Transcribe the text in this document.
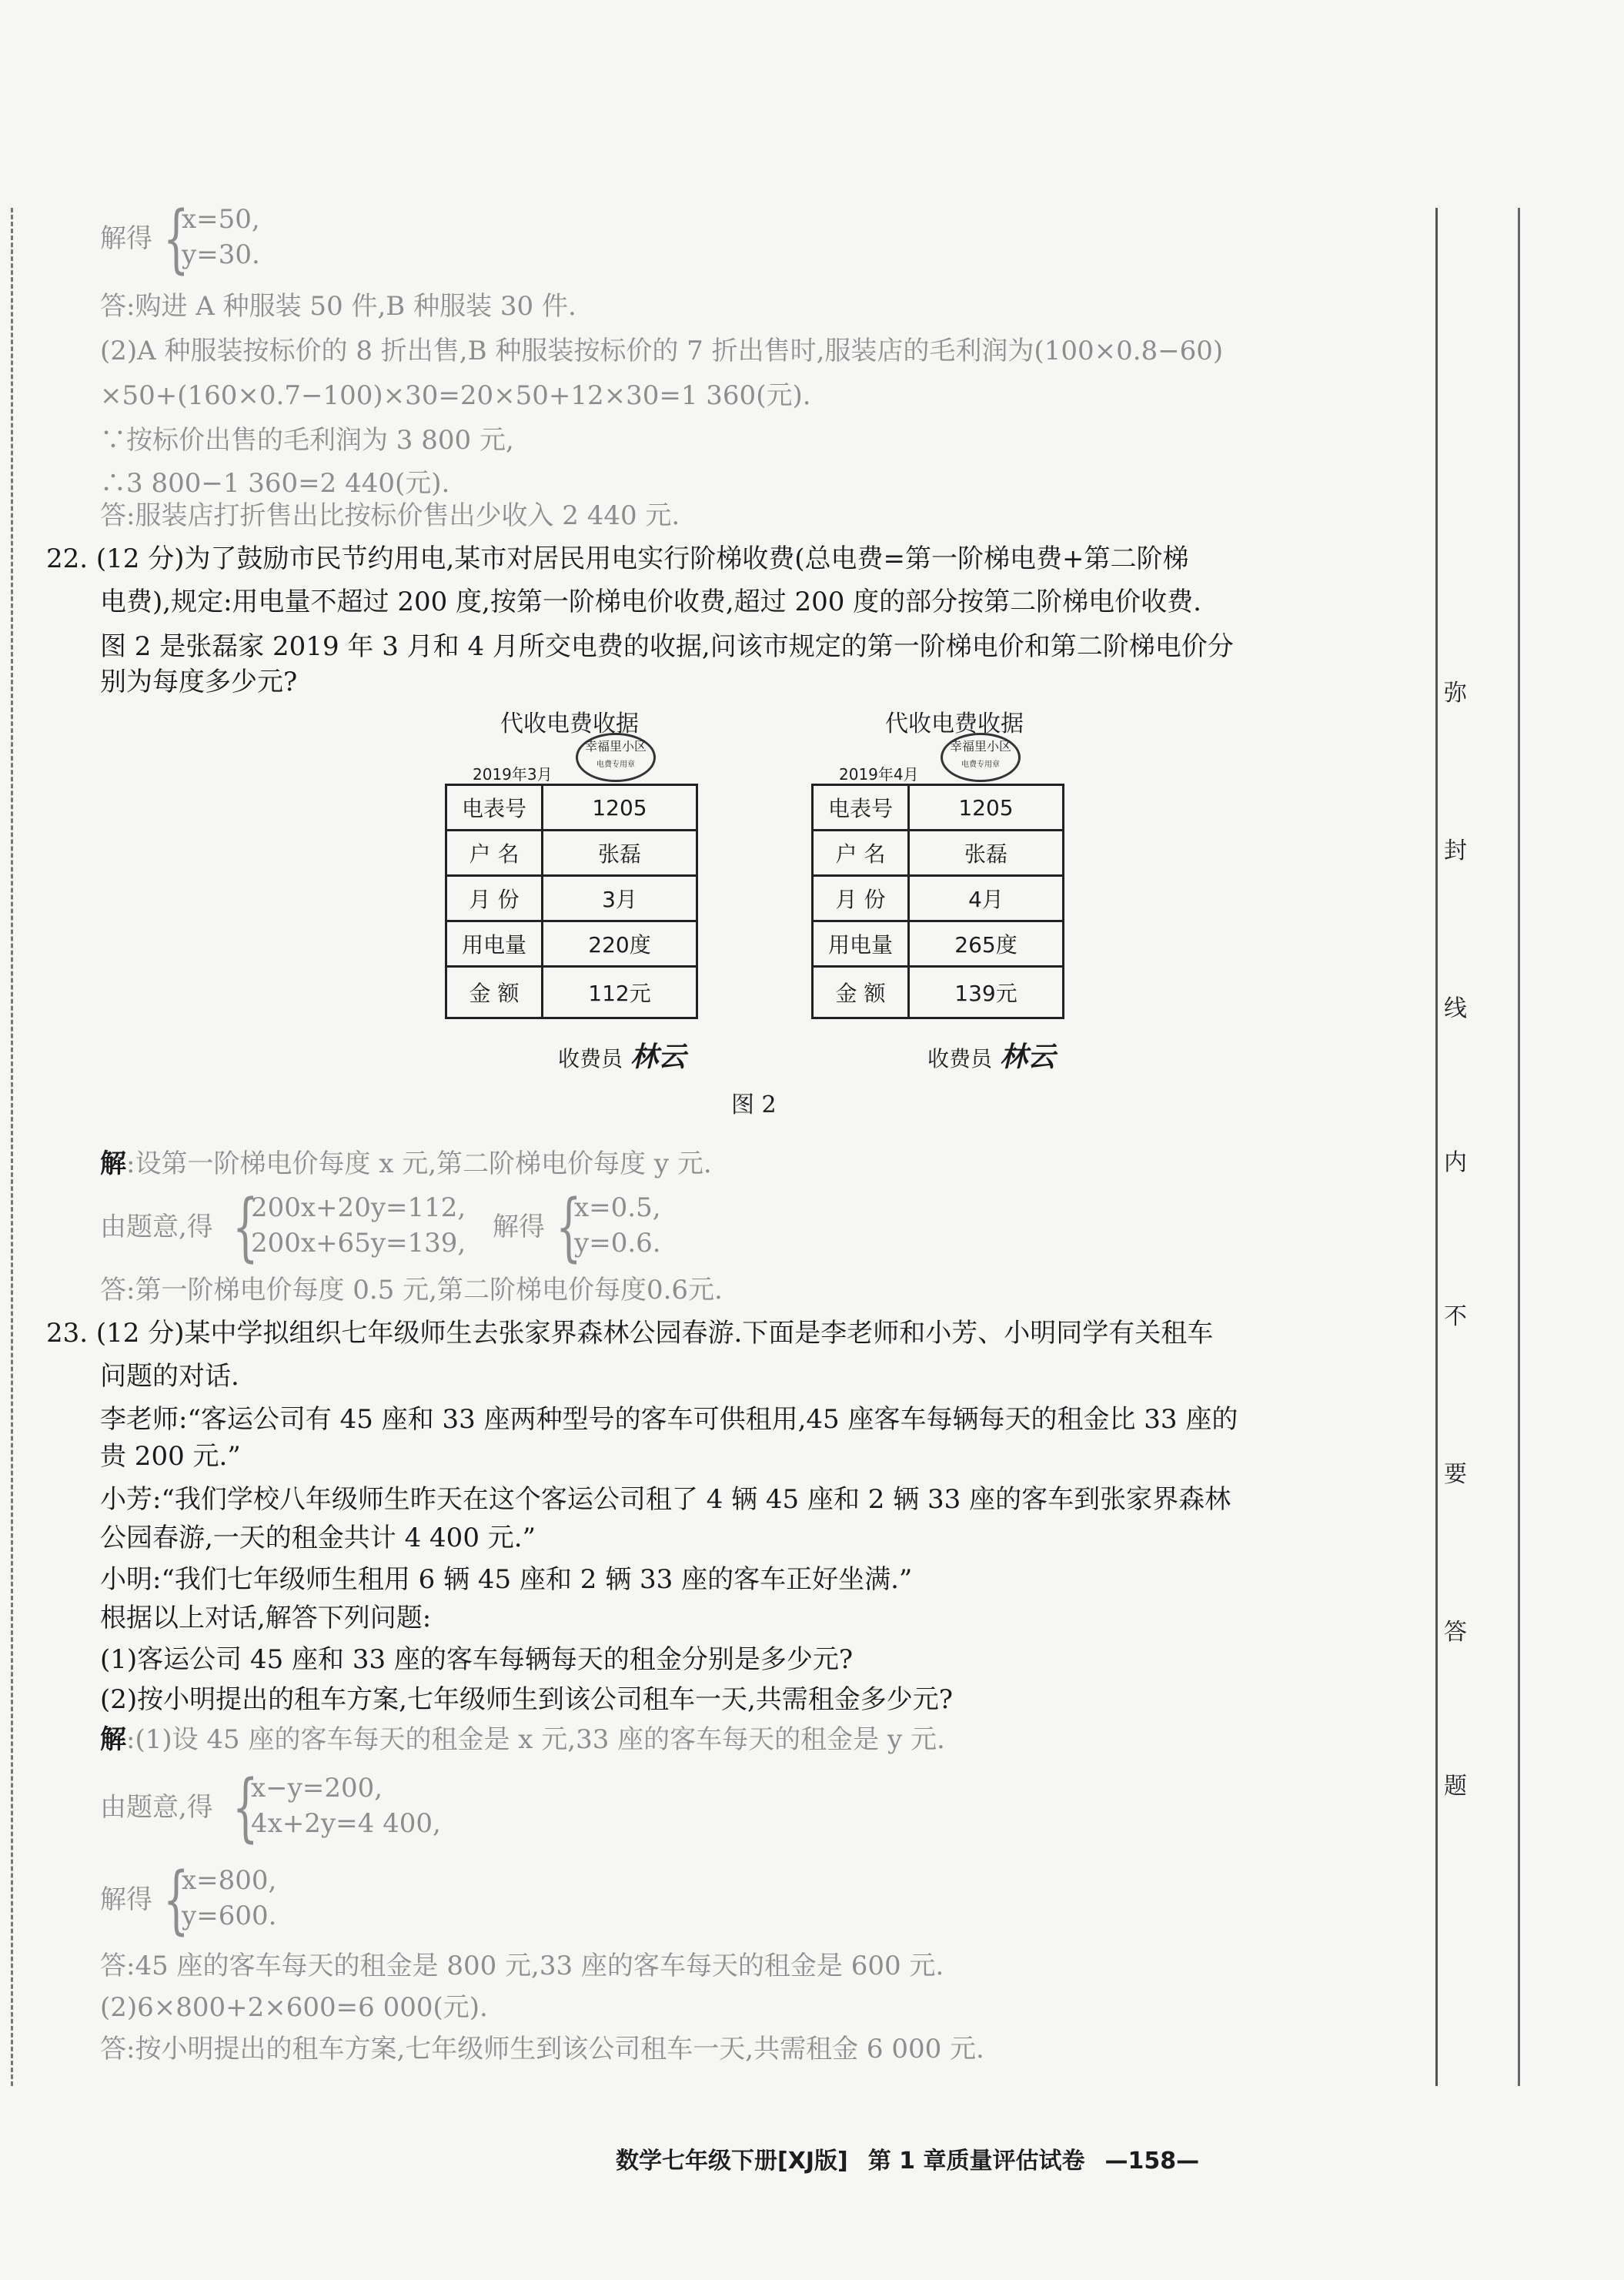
弥
封
线
内
不
要
答
题
解得 {
x=50,
y=30.
答:购进 A 种服装 50 件,B 种服装 30 件.
(2)A 种服装按标价的 8 折出售,B 种服装按标价的 7 折出售时,服装店的毛利润为(100×0.8−60)
×50+(160×0.7−100)×30=20×50+12×30=1 360(元).
∵按标价出售的毛利润为 3 800 元,
∴3 800−1 360=2 440(元).
答:服装店打折售出比按标价售出少收入 2 440 元.
22. (12 分)为了鼓励市民节约用电,某市对居民用电实行阶梯收费(总电费=第一阶梯电费+第二阶梯
电费),规定:用电量不超过 200 度,按第一阶梯电价收费,超过 200 度的部分按第二阶梯电价收费.
图 2 是张磊家 2019 年 3 月和 4 月所交电费的收据,问该市规定的第一阶梯电价和第二阶梯电价分
别为每度多少元?
代收电费收据
2019年3月
幸福里小区
电费专用章
电表号	1205
户 名	张磊
月 份	3月
用电量	220度
金 额	112元
收费员 林云
代收电费收据
2019年4月
幸福里小区
电费专用章
电表号	1205
户 名	张磊
月 份	4月
用电量	265度
金 额	139元
收费员 林云
图 2
解:设第一阶梯电价每度 x 元,第二阶梯电价每度 y 元.
由题意,得 {
200x+20y=112,
200x+65y=139,
解得 {
x=0.5,
y=0.6.
答:第一阶梯电价每度 0.5 元,第二阶梯电价每度0.6元.
23. (12 分)某中学拟组织七年级师生去张家界森林公园春游.下面是李老师和小芳、小明同学有关租车
问题的对话.
李老师:“客运公司有 45 座和 33 座两种型号的客车可供租用,45 座客车每辆每天的租金比 33 座的
贵 200 元.”
小芳:“我们学校八年级师生昨天在这个客运公司租了 4 辆 45 座和 2 辆 33 座的客车到张家界森林
公园春游,一天的租金共计 4 400 元.”
小明:“我们七年级师生租用 6 辆 45 座和 2 辆 33 座的客车正好坐满.”
根据以上对话,解答下列问题:
(1)客运公司 45 座和 33 座的客车每辆每天的租金分别是多少元?
(2)按小明提出的租车方案,七年级师生到该公司租车一天,共需租金多少元?
解:(1)设 45 座的客车每天的租金是 x 元,33 座的客车每天的租金是 y 元.
由题意,得 {
x−y=200,
4x+2y=4 400,
解得 {
x=800,
y=600.
答:45 座的客车每天的租金是 800 元,33 座的客车每天的租金是 600 元.
(2)6×800+2×600=6 000(元).
答:按小明提出的租车方案,七年级师生到该公司租车一天,共需租金 6 000 元.
数学七年级下册[XJ版] 第 1 章质量评估试卷 —158—
